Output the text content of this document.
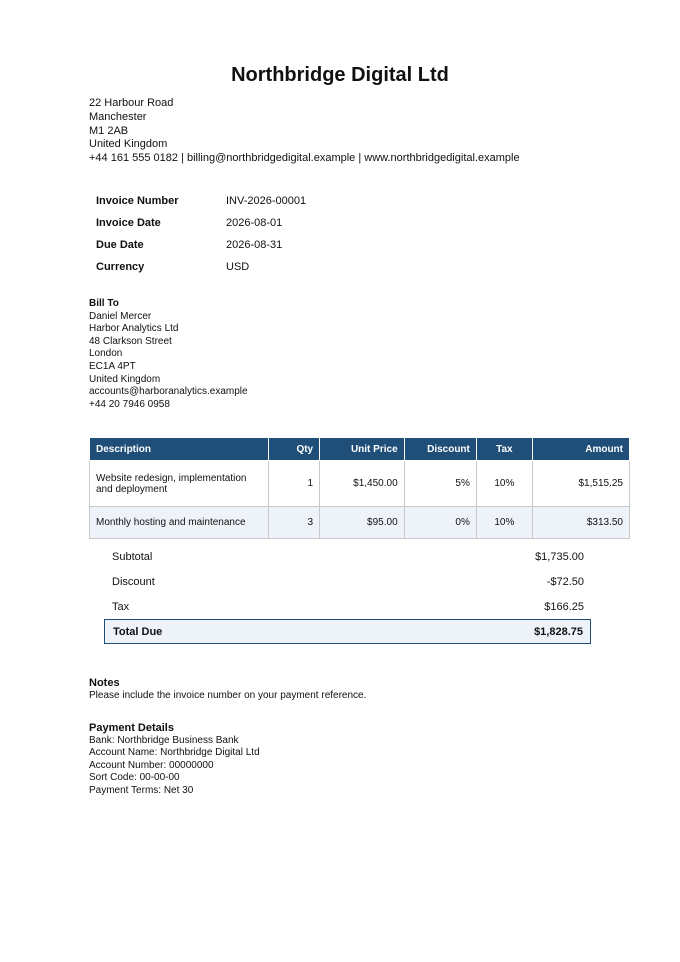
Northbridge Digital Ltd
22 Harbour Road
Manchester
M1 2AB
United Kingdom
+44 161 555 0182 | billing@northbridgedigital.example | www.northbridgedigital.example
Invoice Number	INV-2026-00001
Invoice Date	2026-08-01
Due Date	2026-08-31
Currency	USD
Bill To
Daniel Mercer
Harbor Analytics Ltd
48 Clarkson Street
London
EC1A 4PT
United Kingdom
accounts@harboranalytics.example
+44 20 7946 0958
Description	Qty	Unit Price	Discount	Tax	Amount
Website redesign, implementation and deployment	1	$1,450.00	5%	10%	$1,515.25
Monthly hosting and maintenance	3	$95.00	0%	10%	$313.50
Subtotal	$1,735.00
Discount	-$72.50
Tax	$166.25
Total Due	$1,828.75
Notes
Please include the invoice number on your payment reference.
Payment Details
Bank: Northbridge Business Bank
Account Name: Northbridge Digital Ltd
Account Number: 00000000
Sort Code: 00-00-00
Payment Terms: Net 30
